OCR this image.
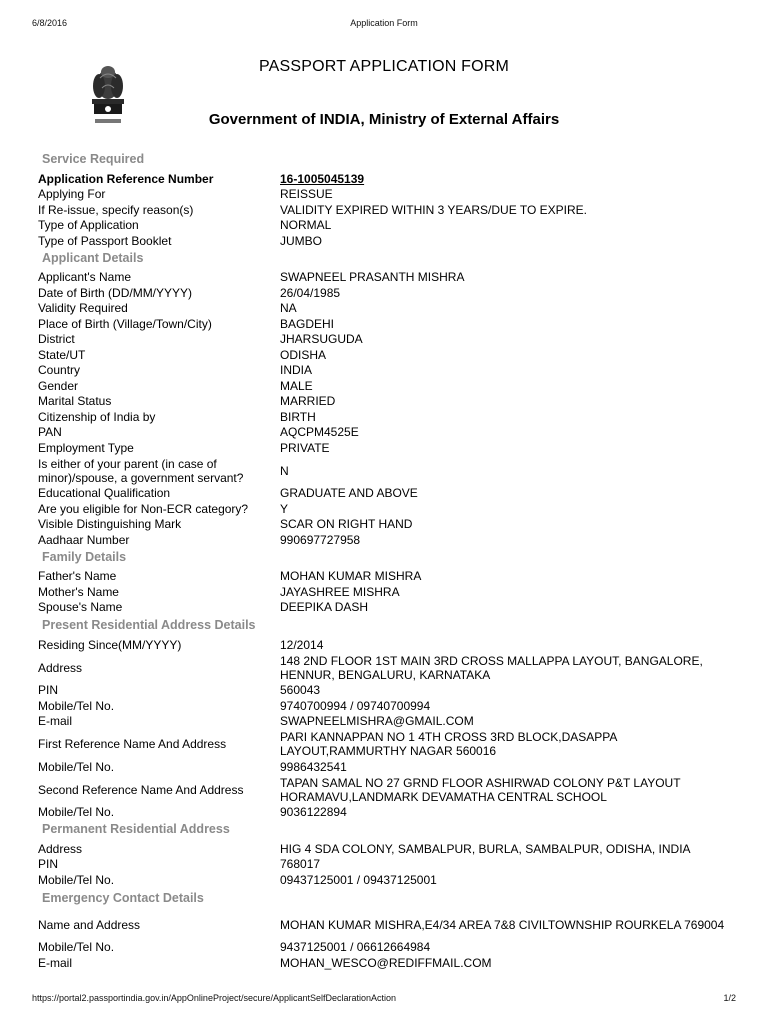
6/8/2016	Application Form
PASSPORT APPLICATION FORM
Government of INDIA, Ministry of External Affairs
Service Required
Application Reference Number	16-1005045139
Applying For	REISSUE
If Re-issue, specify reason(s)	VALIDITY EXPIRED WITHIN 3 YEARS/DUE TO EXPIRE.
Type of Application	NORMAL
Type of Passport Booklet	JUMBO
Applicant Details
Applicant's Name	SWAPNEEL PRASANTH MISHRA
Date of Birth (DD/MM/YYYY)	26/04/1985
Validity Required	NA
Place of Birth (Village/Town/City)	BAGDEHI
District	JHARSUGUDA
State/UT	ODISHA
Country	INDIA
Gender	MALE
Marital Status	MARRIED
Citizenship of India by	BIRTH
PAN	AQCPM4525E
Employment Type	PRIVATE
Is either of your parent (in case of minor)/spouse, a government servant?	N
Educational Qualification	GRADUATE AND ABOVE
Are you eligible for Non-ECR category?	Y
Visible Distinguishing Mark	SCAR ON RIGHT HAND
Aadhaar Number	990697727958
Family Details
Father's Name	MOHAN KUMAR MISHRA
Mother's Name	JAYASHREE MISHRA
Spouse's Name	DEEPIKA DASH
Present Residential Address Details
Residing Since(MM/YYYY)	12/2014
Address	148 2ND FLOOR 1ST MAIN 3RD CROSS MALLAPPA LAYOUT, BANGALORE, HENNUR, BENGALURU, KARNATAKA
PIN	560043
Mobile/Tel No.	9740700994 / 09740700994
E-mail	SWAPNEELMISHRA@GMAIL.COM
First Reference Name And Address	PARI KANNAPPAN NO 1 4TH CROSS 3RD BLOCK,DASAPPA LAYOUT,RAMMURTHY NAGAR 560016
Mobile/Tel No.	9986432541
Second Reference Name And Address	TAPAN SAMAL NO 27 GRND FLOOR ASHIRWAD COLONY P&T LAYOUT HORAMAVU,LANDMARK DEVAMATHA CENTRAL SCHOOL
Mobile/Tel No.	9036122894
Permanent Residential Address
Address	HIG 4 SDA COLONY, SAMBALPUR, BURLA, SAMBALPUR, ODISHA, INDIA
PIN	768017
Mobile/Tel No.	09437125001 / 09437125001
Emergency Contact Details
Name and Address	MOHAN KUMAR MISHRA,E4/34 AREA 7&8 CIVILTOWNSHIP ROURKELA 769004
Mobile/Tel No.	9437125001 / 06612664984
E-mail	MOHAN_WESCO@REDIFFMAIL.COM
https://portal2.passportindia.gov.in/AppOnlineProject/secure/ApplicantSelfDeclarationAction	1/2
